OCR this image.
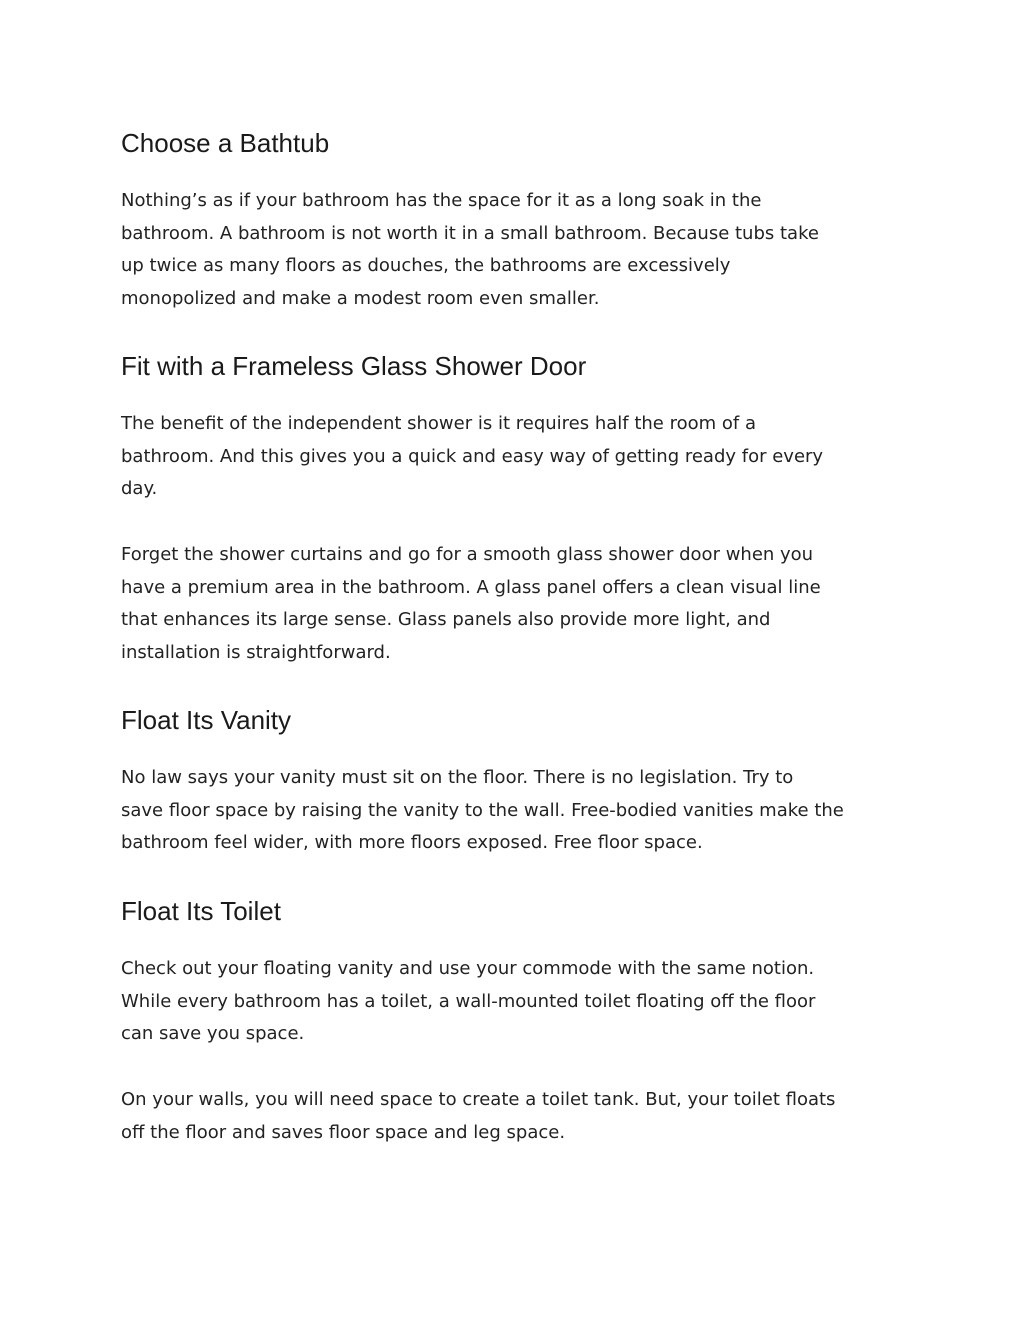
Choose a Bathtub

Nothing’s as if your bathroom has the space for it as a long soak in the
bathroom. A bathroom is not worth it in a small bathroom. Because tubs take
up twice as many floors as douches, the bathrooms are excessively
monopolized and make a modest room even smaller.

Fit with a Frameless Glass Shower Door

The benefit of the independent shower is it requires half the room of a
bathroom. And this gives you a quick and easy way of getting ready for every
day.

Forget the shower curtains and go for a smooth glass shower door when you
have a premium area in the bathroom. A glass panel offers a clean visual line
that enhances its large sense. Glass panels also provide more light, and
installation is straightforward.

Float Its Vanity

No law says your vanity must sit on the floor. There is no legislation. Try to
save floor space by raising the vanity to the wall. Free-bodied vanities make the
bathroom feel wider, with more floors exposed. Free floor space.

Float Its Toilet

Check out your floating vanity and use your commode with the same notion.
While every bathroom has a toilet, a wall-mounted toilet floating off the floor
can save you space.

On your walls, you will need space to create a toilet tank. But, your toilet floats
off the floor and saves floor space and leg space.
